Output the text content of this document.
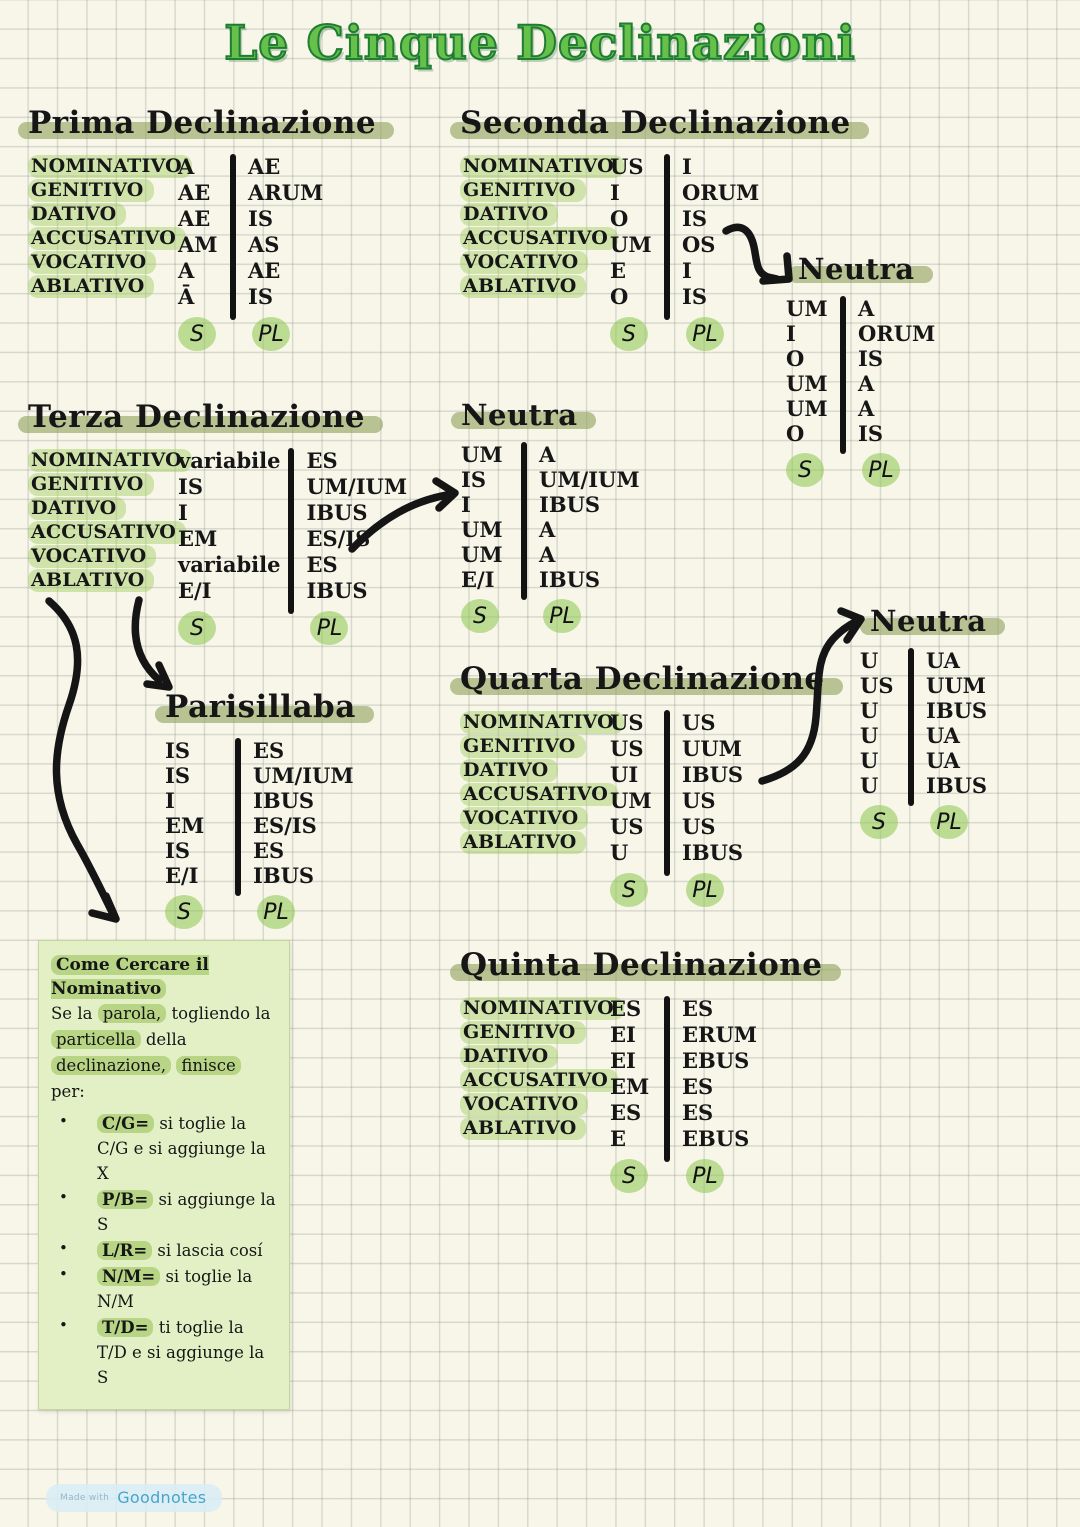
Le Cinque Declinazioni
Prima Declinazione
NOMINATIVO
GENITIVO
DATIVO
ACCUSATIVO
VOCATIVO
ABLATIVO
A
AE
AE
AM
A
Ā
S
AE
ARUM
IS
AS
AE
IS
PL
Seconda Declinazione
NOMINATIVO
GENITIVO
DATIVO
ACCUSATIVO
VOCATIVO
ABLATIVO
US
I
O
UM
E
O
S
I
ORUM
IS
OS
I
IS
PL
Neutra
UM
I
O
UM
UM
O
S
A
ORUM
IS
A
A
IS
PL
Terza Declinazione
NOMINATIVO
GENITIVO
DATIVO
ACCUSATIVO
VOCATIVO
ABLATIVO
variabile
IS
I
EM
variabile
E/I
S
ES
UM/IUM
IBUS
ES/IS
ES
IBUS
PL
Neutra
UM
IS
I
UM
UM
E/I
S
A
UM/IUM
IBUS
A
A
IBUS
PL
Parisillaba
IS
IS
I
EM
IS
E/I
S
ES
UM/IUM
IBUS
ES/IS
ES
IBUS
PL
Quarta Declinazione
NOMINATIVO
GENITIVO
DATIVO
ACCUSATIVO
VOCATIVO
ABLATIVO
US
US
UI
UM
US
U
S
US
UUM
IBUS
US
US
IBUS
PL
Neutra
U
US
U
U
U
U
S
UA
UUM
IBUS
UA
UA
IBUS
PL
Quinta Declinazione
NOMINATIVO
GENITIVO
DATIVO
ACCUSATIVO
VOCATIVO
ABLATIVO
ES
EI
EI
EM
ES
E
S
ES
ERUM
EBUS
ES
ES
EBUS
PL
Come Cercare il Nominativo
Se la parola, togliendo la particella della declinazione, finisce per:
• C/G= si toglie la C/G e si aggiunge la X
• P/B= si aggiunge la S
• L/R= si lascia cosí
• N/M= si toglie la N/M
• T/D= ti toglie la T/D e si aggiunge la S
Made with Goodnotes
